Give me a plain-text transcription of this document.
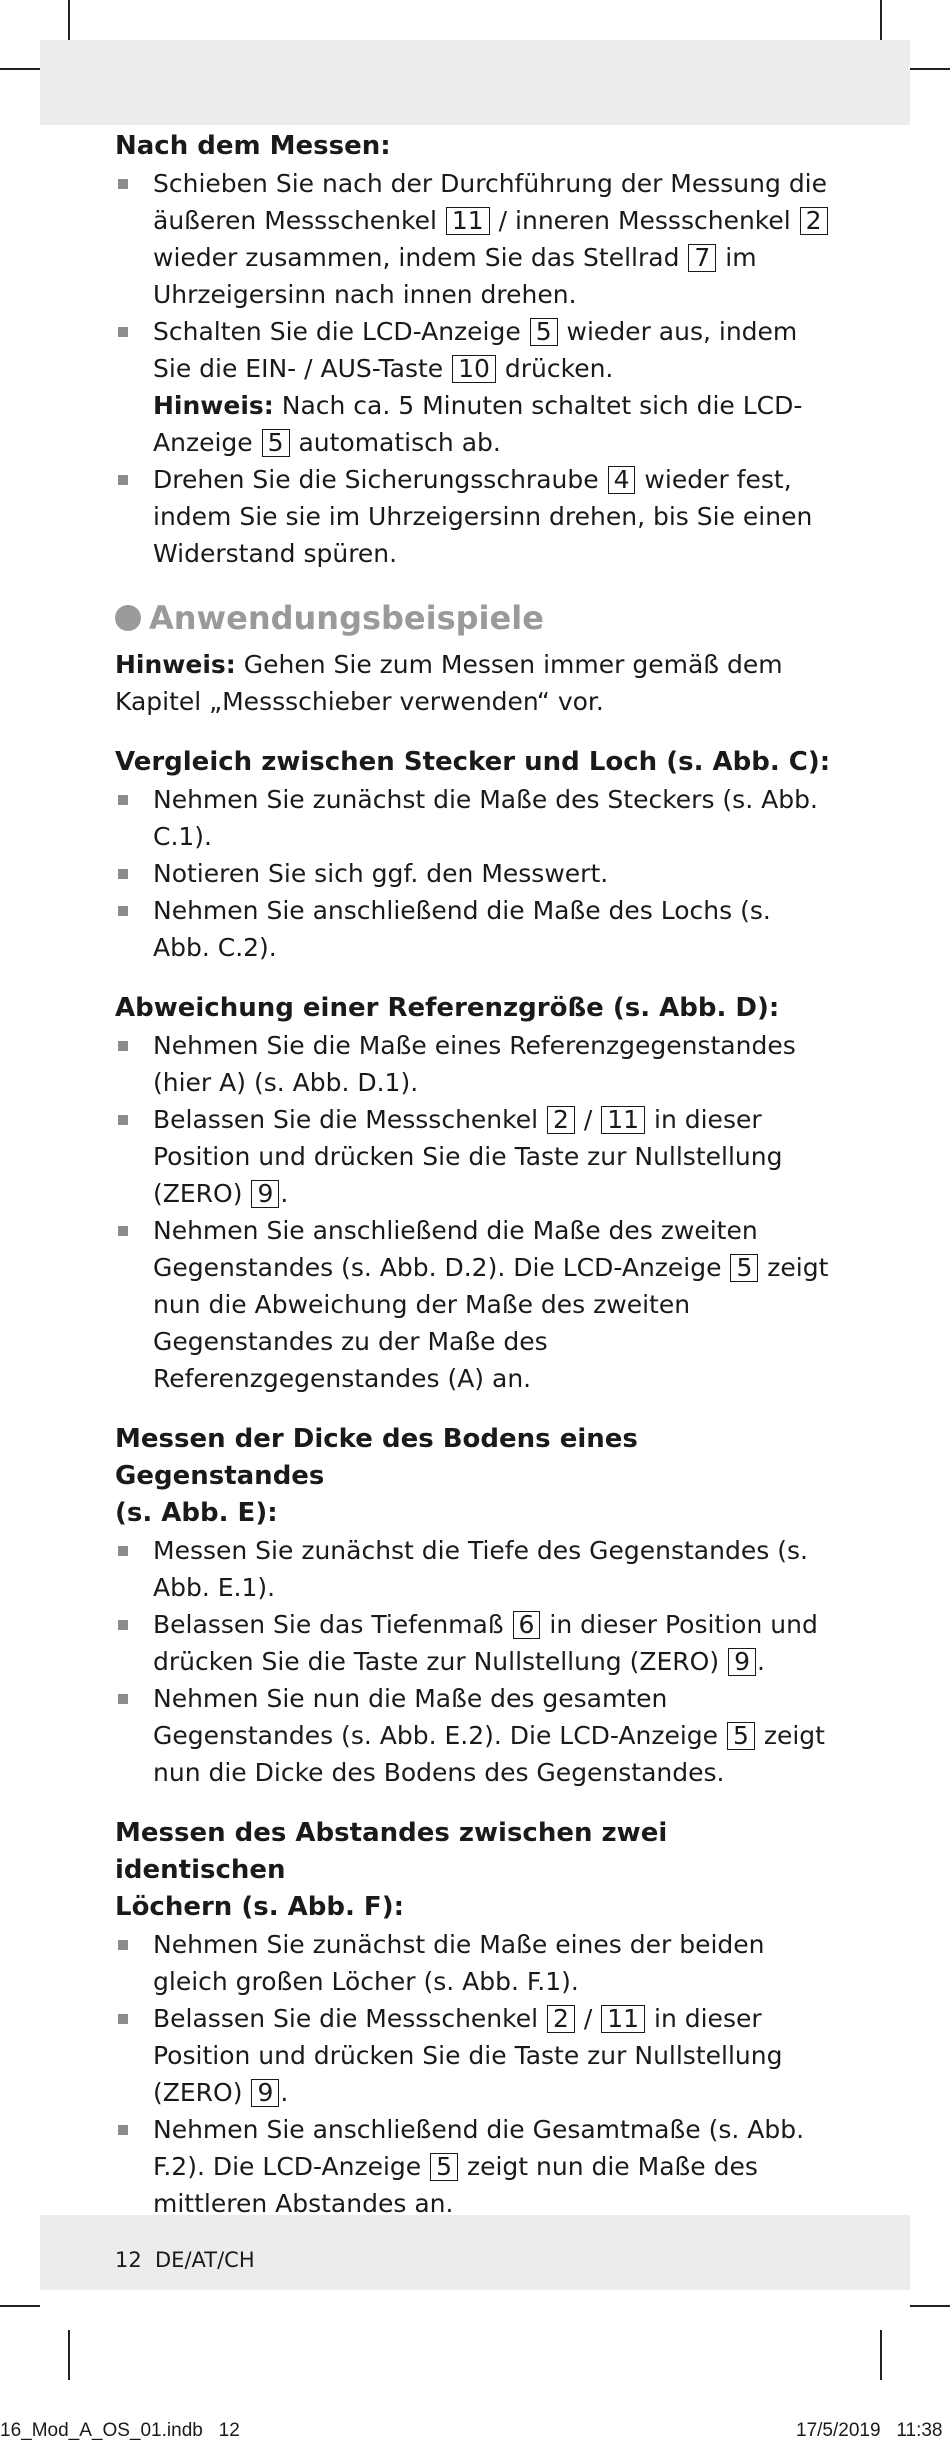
Nach dem Messen:
Schieben Sie nach der Durchführung der Messung die äußeren Messschenkel 11 / inneren Messschenkel 2 wieder zusammen, indem Sie das Stellrad 7 im Uhrzeigersinn nach innen drehen.
Schalten Sie die LCD-Anzeige 5 wieder aus, indem Sie die EIN- / AUS-Taste 10 drücken.
Hinweis: Nach ca. 5 Minuten schaltet sich die LCD-Anzeige 5 automatisch ab.
Drehen Sie die Sicherungsschraube 4 wieder fest, indem Sie sie im Uhrzeigersinn drehen, bis Sie einen Widerstand spüren.
Anwendungsbeispiele
Hinweis: Gehen Sie zum Messen immer gemäß dem Kapitel „Messschieber verwenden“ vor.
Vergleich zwischen Stecker und Loch (s. Abb. C):
Nehmen Sie zunächst die Maße des Steckers (s. Abb. C.1).
Notieren Sie sich ggf. den Messwert.
Nehmen Sie anschließend die Maße des Lochs (s. Abb. C.2).
Abweichung einer Referenzgröße (s. Abb. D):
Nehmen Sie die Maße eines Referenzgegenstandes (hier A) (s. Abb. D.1).
Belassen Sie die Messschenkel 2 / 11 in dieser Position und drücken Sie die Taste zur Nullstellung (ZERO) 9 .
Nehmen Sie anschließend die Maße des zweiten Gegenstandes (s. Abb. D.2). Die LCD-Anzeige 5 zeigt nun die Abweichung der Maße des zweiten Gegenstandes zu der Maße des Referenzgegenstandes (A) an.
Messen der Dicke des Bodens eines Gegenstandes
(s. Abb. E):
Messen Sie zunächst die Tiefe des Gegenstandes (s. Abb. E.1).
Belassen Sie das Tiefenmaß 6 in dieser Position und drücken Sie die Taste zur Nullstellung (ZERO) 9 .
Nehmen Sie nun die Maße des gesamten Gegenstandes (s. Abb. E.2). Die LCD-Anzeige 5 zeigt nun die Dicke des Bodens des Gegenstandes.
Messen des Abstandes zwischen zwei identischen
Löchern (s. Abb. F):
Nehmen Sie zunächst die Maße eines der beiden gleich großen Löcher (s. Abb. F.1).
Belassen Sie die Messschenkel 2 / 11 in dieser Position und drücken Sie die Taste zur Nullstellung (ZERO) 9 .
Nehmen Sie anschließend die Gesamtmaße (s. Abb. F.2). Die LCD-Anzeige 5 zeigt nun die Maße des mittleren Abstandes an.
12 DE/AT/CH
16_Mod_A_OS_01.indb   12	17/5/2019   11:38
